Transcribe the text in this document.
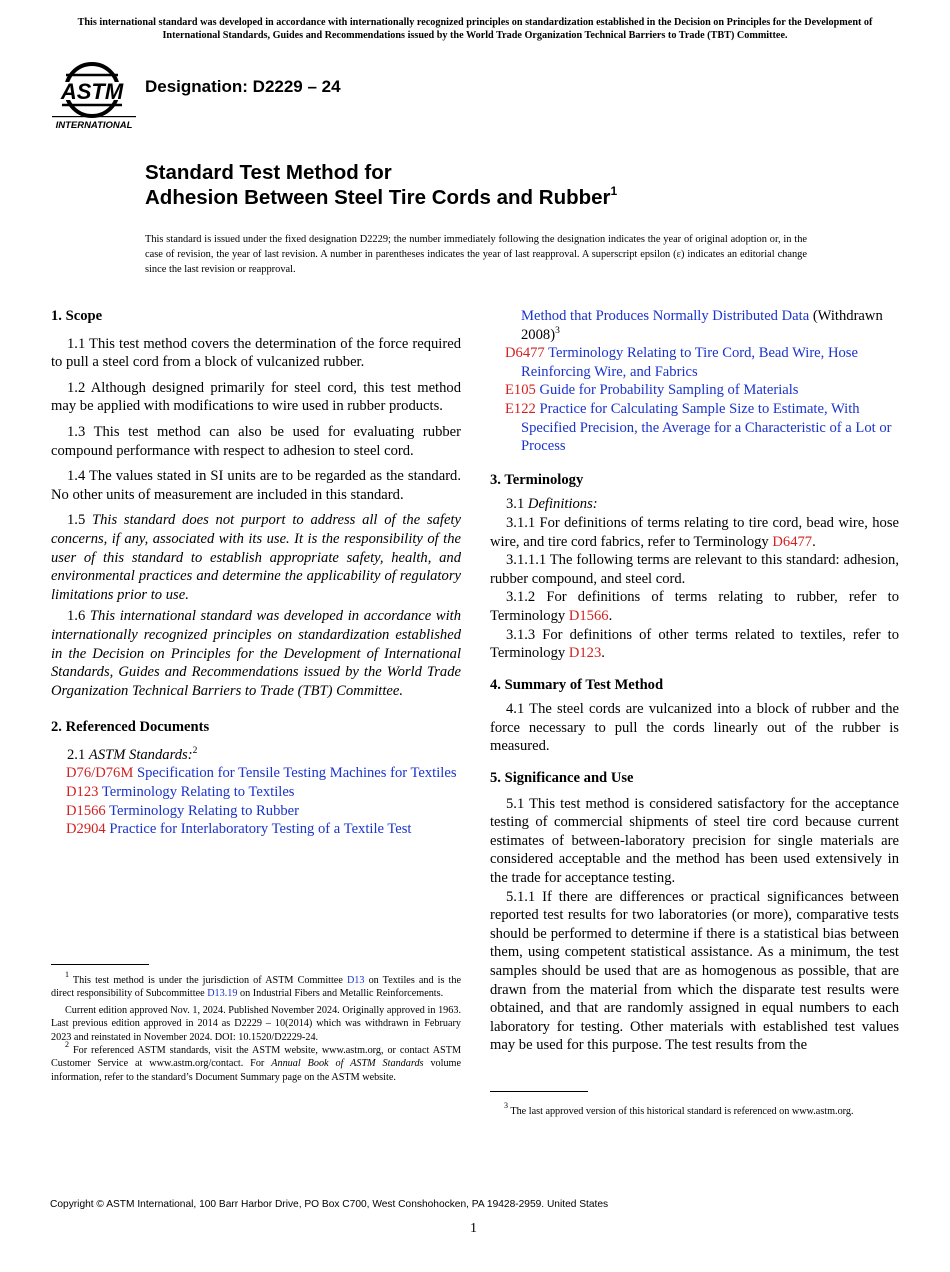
This international standard was developed in accordance with internationally recognized principles on standardization established in the Decision on Principles for the Development of International Standards, Guides and Recommendations issued by the World Trade Organization Technical Barriers to Trade (TBT) Committee.
ASTM
INTERNATIONAL
Designation: D2229 – 24
Standard Test Method for
Adhesion Between Steel Tire Cords and Rubber$^1$
This standard is issued under the fixed designation D2229; the number immediately following the designation indicates the year of original adoption or, in the case of revision, the year of last revision. A number in parentheses indicates the year of last reapproval. A superscript epsilon (ε) indicates an editorial change since the last revision or reapproval.

1. Scope

1.1 This test method covers the determination of the force required to pull a steel cord from a block of vulcanized rubber.

1.2 Although designed primarily for steel cord, this test method may be applied with modifications to wire used in rubber products.

1.3 This test method can also be used for evaluating rubber compound performance with respect to adhesion to steel cord.

1.4 The values stated in SI units are to be regarded as the standard. No other units of measurement are included in this standard.

1.5 This standard does not purport to address all of the safety concerns, if any, associated with its use. It is the responsibility of the user of this standard to establish appropriate safety, health, and environmental practices and determine the applicability of regulatory limitations prior to use.

1.6 This international standard was developed in accordance with internationally recognized principles on standardization established in the Decision on Principles for the Development of International Standards, Guides and Recommendations issued by the World Trade Organization Technical Barriers to Trade (TBT) Committee.

2. Referenced Documents

2.1 ASTM Standards:$^2$

D76/D76M Specification for Tensile Testing Machines for Textiles

D123 Terminology Relating to Textiles

D1566 Terminology Relating to Rubber

D2904 Practice for Interlaboratory Testing of a Textile Test

$^1$ This test method is under the jurisdiction of ASTM Committee D13 on Textiles and is the direct responsibility of Subcommittee D13.19 on Industrial Fibers and Metallic Reinforcements.

Current edition approved Nov. 1, 2024. Published November 2024. Originally approved in 1963. Last previous edition approved in 2014 as D2229 – 10(2014) which was withdrawn in February 2023 and reinstated in November 2024. DOI: 10.1520/D2229-24.

$^2$ For referenced ASTM standards, visit the ASTM website, www.astm.org, or contact ASTM Customer Service at www.astm.org/contact. For Annual Book of ASTM Standards volume information, refer to the standard’s Document Summary page on the ASTM website.

Method that Produces Normally Distributed Data (Withdrawn 2008)$^3$

D6477 Terminology Relating to Tire Cord, Bead Wire, Hose Reinforcing Wire, and Fabrics

E105 Guide for Probability Sampling of Materials

E122 Practice for Calculating Sample Size to Estimate, With Specified Precision, the Average for a Characteristic of a Lot or Process

3. Terminology

3.1 Definitions:

3.1.1 For definitions of terms relating to tire cord, bead wire, hose wire, and tire cord fabrics, refer to Terminology D6477.

3.1.1.1 The following terms are relevant to this standard: adhesion, rubber compound, and steel cord.

3.1.2 For definitions of terms relating to rubber, refer to Terminology D1566.

3.1.3 For definitions of other terms related to textiles, refer to Terminology D123.

4. Summary of Test Method

4.1 The steel cords are vulcanized into a block of rubber and the force necessary to pull the cords linearly out of the rubber is measured.

5. Significance and Use

5.1 This test method is considered satisfactory for the acceptance testing of commercial shipments of steel tire cord because current estimates of between-laboratory precision for single materials are considered acceptable and the method has been used extensively in the trade for acceptance testing.

5.1.1 If there are differences or practical significances between reported test results for two laboratories (or more), comparative tests should be performed to determine if there is a statistical bias between them, using competent statistical assistance. As a minimum, the test samples should be used that are as homogenous as possible, that are drawn from the material from which the disparate test results were obtained, and that are randomly assigned in equal numbers to each laboratory for testing. Other materials with established test values may be used for this purpose. The test results from the

$^3$ The last approved version of this historical standard is referenced on www.astm.org.

Copyright © ASTM International, 100 Barr Harbor Drive, PO Box C700, West Conshohocken, PA 19428-2959. United States
1
